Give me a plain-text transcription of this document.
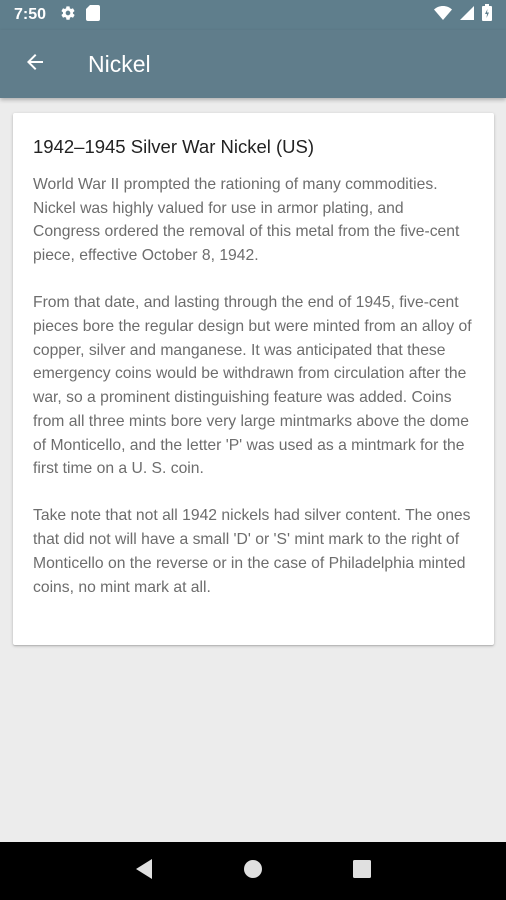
7:50
Nickel
1942–1945 Silver War Nickel (US)

World War II prompted the rationing of many commodities. Nickel was highly valued for use in armor plating, and Congress ordered the removal of this metal from the five-cent piece, effective October 8, 1942.

From that date, and lasting through the end of 1945, five-cent pieces bore the regular design but were minted from an alloy of copper, silver and manganese. It was anticipated that these emergency coins would be withdrawn from circulation after the war, so a prominent distinguishing feature was added. Coins from all three mints bore very large mintmarks above the dome of Monticello, and the letter 'P' was used as a mintmark for the first time on a U. S. coin.

Take note that not all 1942 nickels had silver content. The ones that did not will have a small 'D' or 'S' mint mark to the right of Monticello on the reverse or in the case of Philadelphia minted coins, no mint mark at all.
